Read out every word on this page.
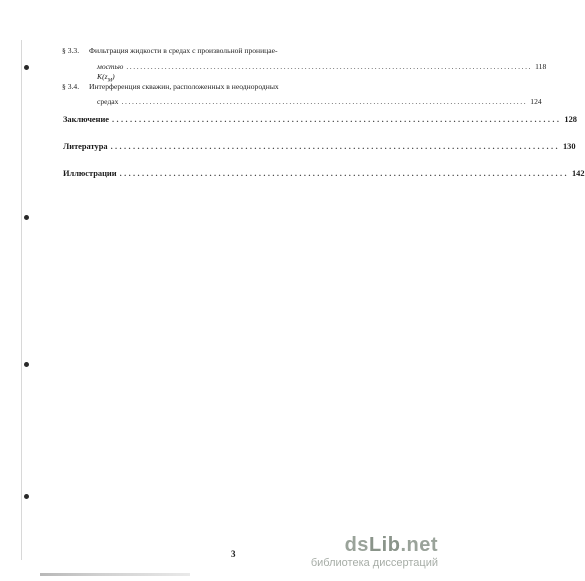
§ 3.3. Фильтрация жидкости в средах с произвольной проницае-
мостью $K(z_M)$
.................................................................................................................... 118
§ 3.4. Интерференция скважин, расположенных в неоднородных
средах .................................................................................................................... 124
Заключение .................................................................................................... 128
Литература .................................................................................................... 130
Иллюстрации .................................................................................................... 142
3	dsLib.net
библиотека диссертаций
